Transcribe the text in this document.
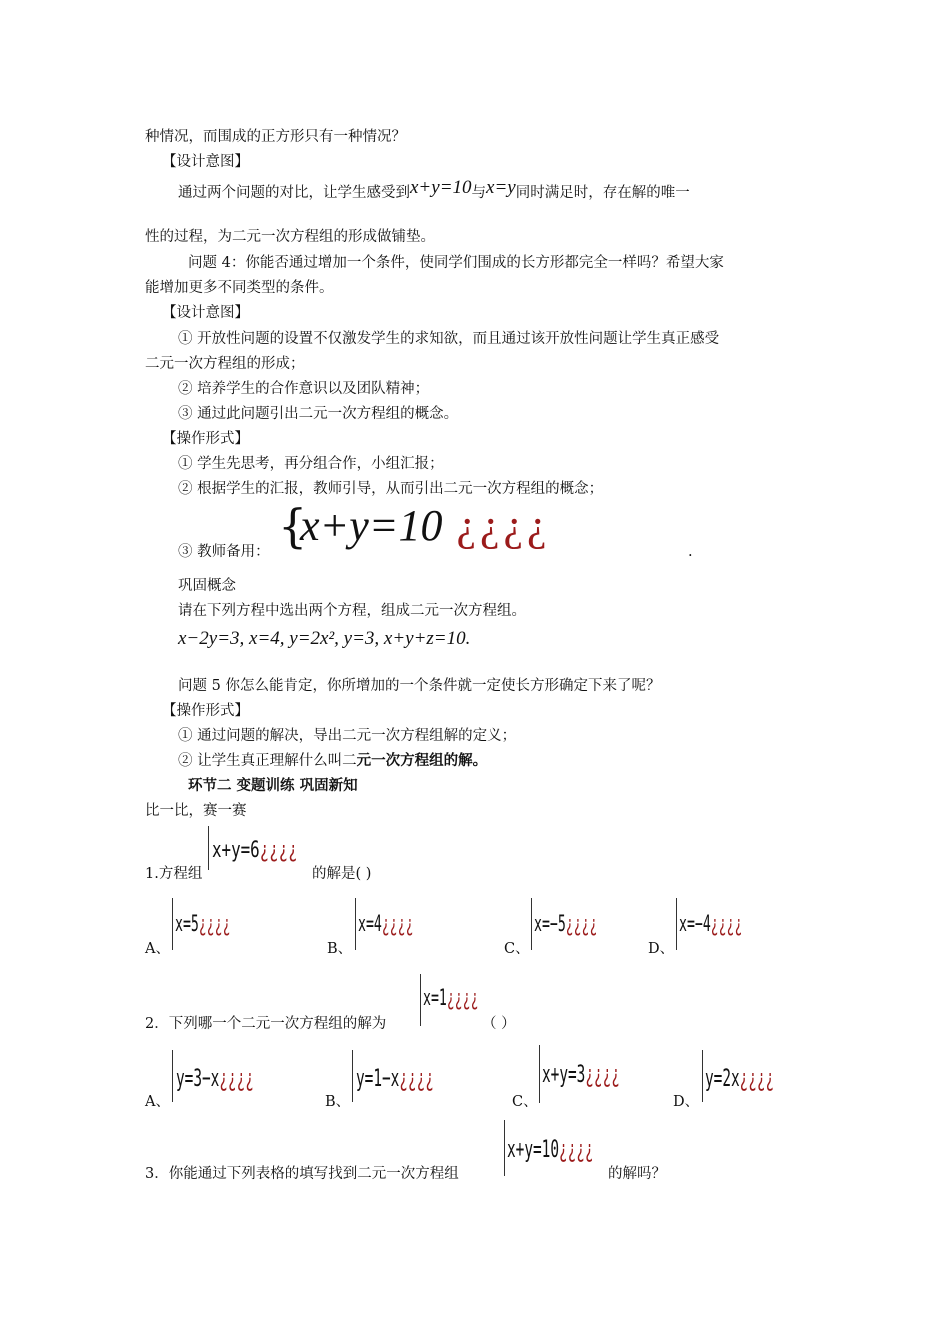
种情况，而围成的正方形只有一种情况？
【设计意图】
通过两个问题的对比，让学生感受到x+y=10与x=y同时满足时，存在解的唯一
性的过程，为二元一次方程组的形成做铺垫。
问题 4：你能否通过增加一个条件，使同学们围成的长方形都完全一样吗？希望大家
能增加更多不同类型的条件。
【设计意图】
① 开放性问题的设置不仅激发学生的求知欲，而且通过该开放性问题让学生真正感受
二元一次方程组的形成；
② 培养学生的合作意识以及团队精神；
③ 通过此问题引出二元一次方程组的概念。
【操作形式】
① 学生先思考，再分组合作，小组汇报；
② 根据学生的汇报，教师引导，从而引出二元一次方程组的概念；
③ 教师备用： {
x+y=10 ¿¿¿¿
.
巩固概念
请在下列方程中选出两个方程，组成二元一次方程组。
x−2y=3, x=4, y=2x², y=3, x+y+z=10.
问题 5 你怎么能肯定，你所增加的一个条件就一定使长方形确定下来了呢？
【操作形式】
① 通过问题的解决，导出二元一次方程组解的定义；
② 让学生真正理解什么叫二元一次方程组的解。
环节二 变题训练 巩固新知
比一比，赛一赛
1.方程组
x+y=6¿¿¿¿
的解是( )
A、
x=5¿¿¿¿
B、
x=4¿¿¿¿
C、
x=−5¿¿¿¿
D、
x=−4¿¿¿¿
2．下列哪一个二元一次方程组的解为
x=1¿¿¿¿
（ ）
A、
y=3−x¿¿¿¿
B、
y=1−x¿¿¿¿
C、
x+y=3¿¿¿¿
D、
y=2x¿¿¿¿
3．你能通过下列表格的填写找到二元一次方程组
x+y=10¿¿¿¿
的解吗？
